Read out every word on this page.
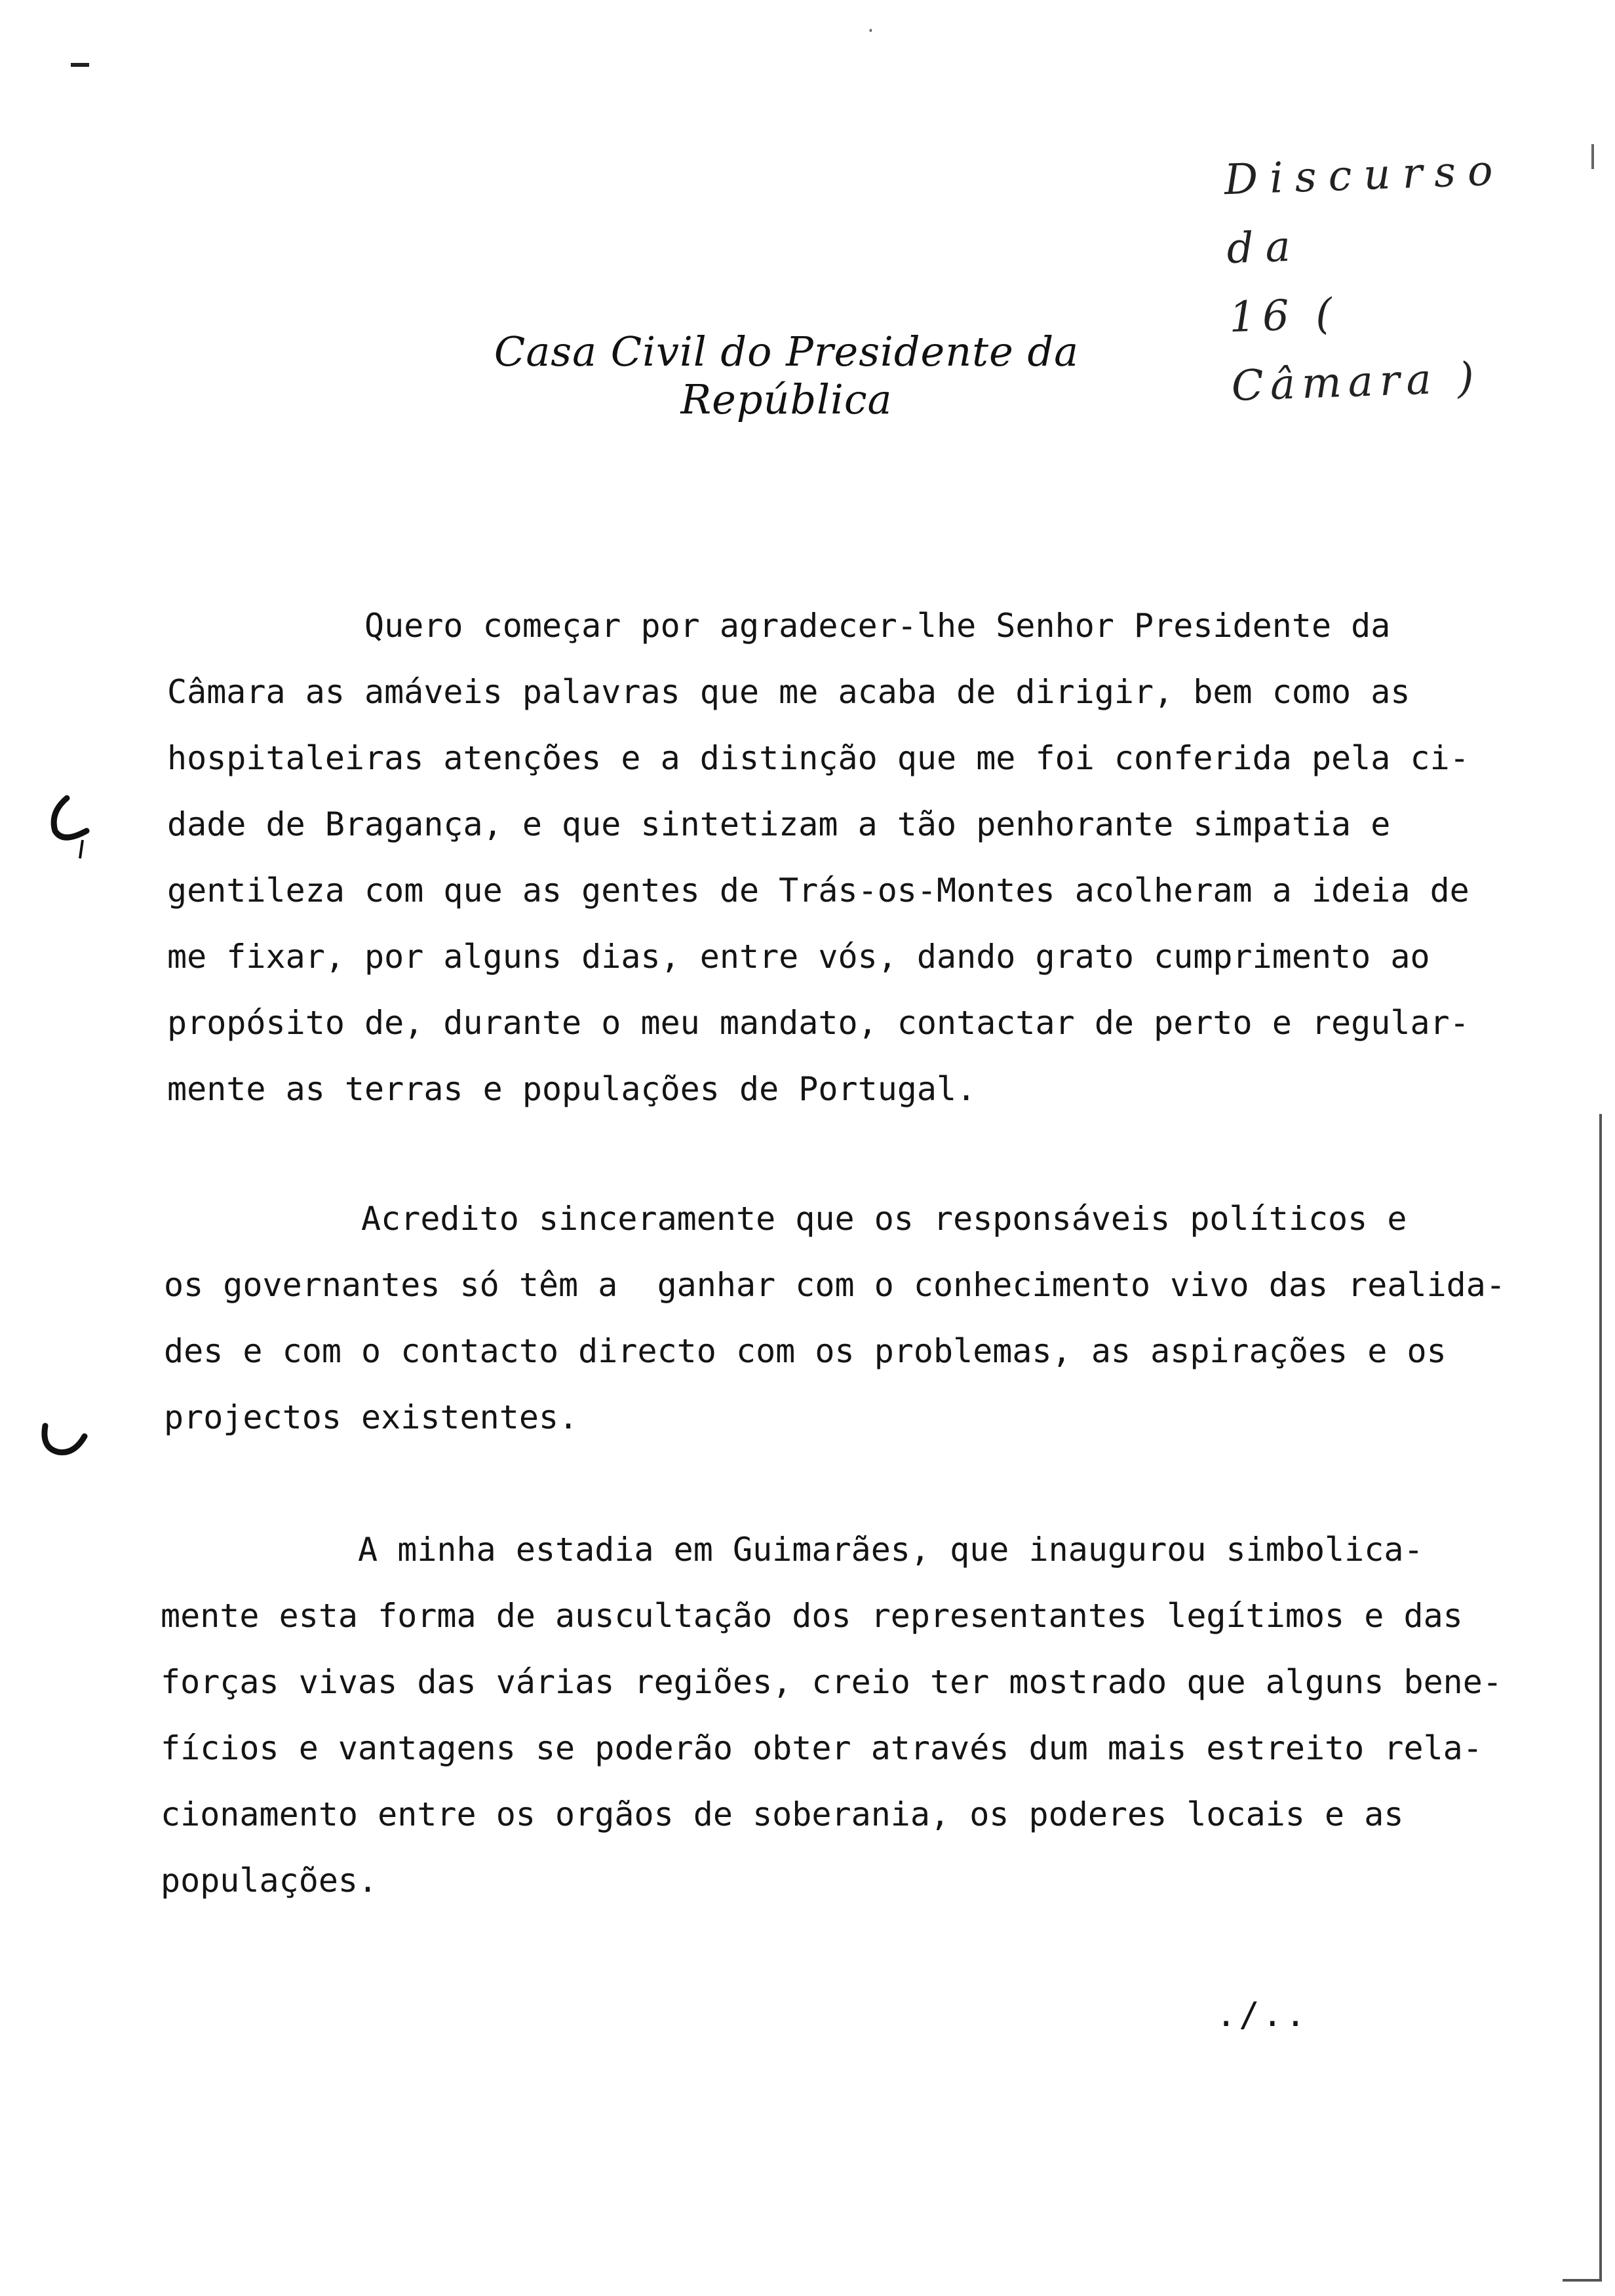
·
Discurso da
16 ( Câmara )
Casa Civil do Presidente da República
Quero começar por agradecer-lhe Senhor Presidente da
Câmara as amáveis palavras que me acaba de dirigir, bem como as
hospitaleiras atenções e a distinção que me foi conferida pela ci-
dade de Bragança, e que sintetizam a tão penhorante simpatia e
gentileza com que as gentes de Trás-os-Montes acolheram a ideia de
me fixar, por alguns dias, entre vós, dando grato cumprimento ao
propósito de, durante o meu mandato, contactar de perto e regular-
mente as terras e populações de Portugal.
Acredito sinceramente que os responsáveis políticos e
os governantes só têm a  ganhar com o conhecimento vivo das realida-
des e com o contacto directo com os problemas, as aspirações e os
projectos existentes.
A minha estadia em Guimarães, que inaugurou simbolica-
mente esta forma de auscultação dos representantes legítimos e das
forças vivas das várias regiões, creio ter mostrado que alguns bene-
fícios e vantagens se poderão obter através dum mais estreito rela-
cionamento entre os orgãos de soberania, os poderes locais e as
populações.
./..
